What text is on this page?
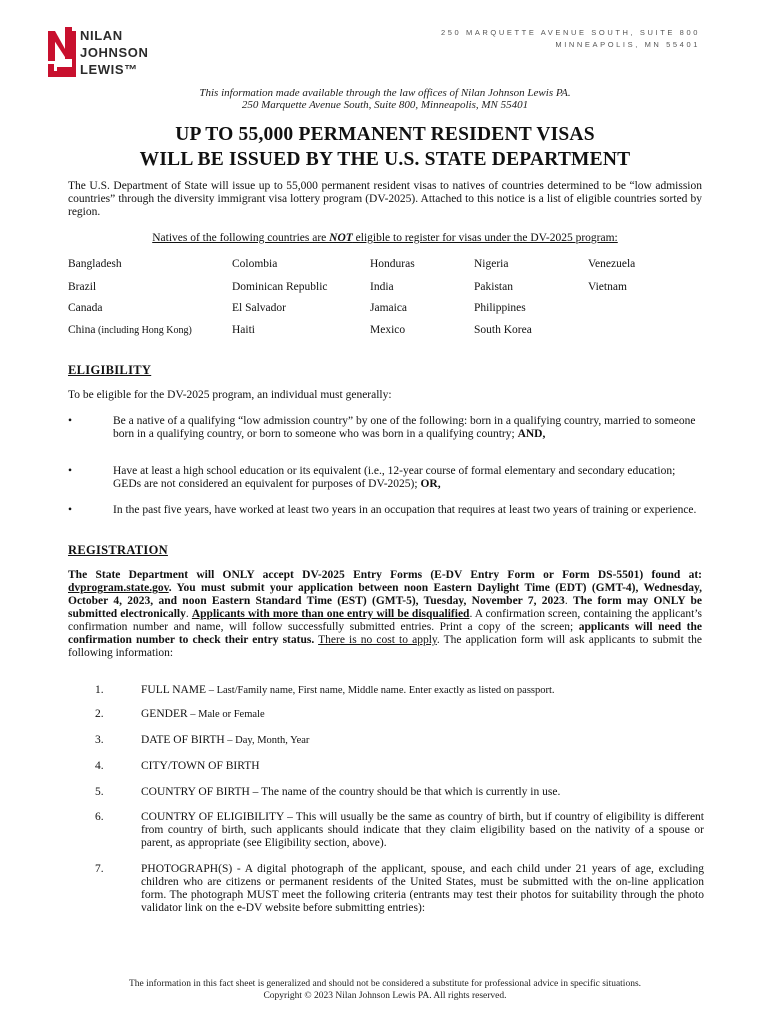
NILAN
JOHNSON
LEWIS™
250 MARQUETTE AVENUE SOUTH, SUITE 800
MINNEAPOLIS, MN 55401
This information made available through the law offices of Nilan Johnson Lewis PA.
250 Marquette Avenue South, Suite 800, Minneapolis, MN 55401
UP TO 55,000 PERMANENT RESIDENT VISAS
WILL BE ISSUED BY THE U.S. STATE DEPARTMENT

The U.S. Department of State will issue up to 55,000 permanent resident visas to natives of countries determined to be “low admission countries” through the diversity immigrant visa lottery program (DV-2025). Attached to this notice is a list of eligible countries sorted by region.

Natives of the following countries are NOT eligible to register for visas under the DV-2025 program:
Bangladesh	Colombia	Honduras	Nigeria	Venezuela
Brazil	Dominican Republic	India	Pakistan	Vietnam
Canada	El Salvador	Jamaica	Philippines
China (including Hong Kong)	Haiti	Mexico	South Korea
ELIGIBILITY
To be eligible for the DV-2025 program, an individual must generally:
•	Be a native of a qualifying “low admission country” by one of the following: born in a qualifying country, married to someone born in a qualifying country, or born to someone who was born in a qualifying country; AND,
•	Have at least a high school education or its equivalent (i.e., 12-year course of formal elementary and secondary education; GEDs are not considered an equivalent for purposes of DV-2025); OR,
•	In the past five years, have worked at least two years in an occupation that requires at least two years of training or experience.
REGISTRATION

The State Department will ONLY accept DV-2025 Entry Forms (E-DV Entry Form or Form DS-5501) found at: dvprogram.state.gov. You must submit your application between noon Eastern Daylight Time (EDT) (GMT-4), Wednesday, October 4, 2023, and noon Eastern Standard Time (EST) (GMT-5), Tuesday, November 7, 2023. The form may ONLY be submitted electronically. Applicants with more than one entry will be disqualified. A confirmation screen, containing the applicant’s confirmation number and name, will follow successfully submitted entries. Print a copy of the screen; applicants will need the confirmation number to check their entry status. There is no cost to apply. The application form will ask applicants to submit the following information:

1.	FULL NAME – Last/Family name, First name, Middle name. Enter exactly as listed on passport.
2.	GENDER – Male or Female
3.	DATE OF BIRTH – Day, Month, Year
4.	CITY/TOWN OF BIRTH
5.	COUNTRY OF BIRTH – The name of the country should be that which is currently in use.
6.	COUNTRY OF ELIGIBILITY – This will usually be the same as country of birth, but if country of eligibility is different from country of birth, such applicants should indicate that they claim eligibility based on the nativity of a spouse or parent, as appropriate (see Eligibility section, above).
7.	PHOTOGRAPH(S) - A digital photograph of the applicant, spouse, and each child under 21 years of age, excluding children who are citizens or permanent residents of the United States, must be submitted with the on-line application form. The photograph MUST meet the following criteria (entrants may test their photos for suitability through the photo validator link on the e-DV website before submitting entries):
The information in this fact sheet is generalized and should not be considered a substitute for professional advice in specific situations.
Copyright © 2023 Nilan Johnson Lewis PA. All rights reserved.
